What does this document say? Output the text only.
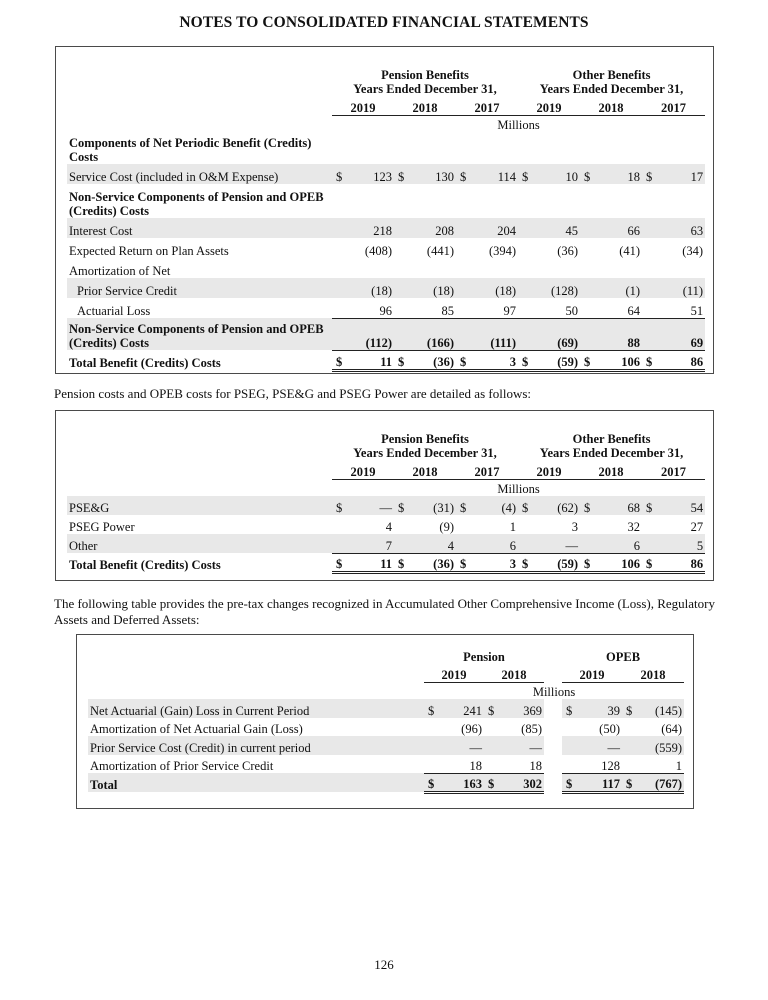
NOTES TO CONSOLIDATED FINANCIAL STATEMENTS
	Pension Benefits						Other Benefits					
	Years Ended December 31,						Years Ended December 31,					
	2019		2018		2017		2019		2018		2017	
	Millions											
Components of Net Periodic Benefit (Credits) Costs												
Service Cost (included in O&M Expense)	$	123	$	130	$	114	$	10	$	18	$	17
Non-Service Components of Pension and OPEB (Credits) Costs												
Interest Cost		218		208		204		45		66		63
Expected Return on Plan Assets		(408)		(441)		(394)		(36)		(41)		(34)
Amortization of Net												
Prior Service Credit		(18)		(18)		(18)		(128)		(1)		(11)
Actuarial Loss		96		85		97		50		64		51
Non-Service Components of Pension and OPEB (Credits) Costs		(112)		(166)		(111)		(69)		88		69
Total Benefit (Credits) Costs	$	11	$	(36)	$	3	$	(59)	$	106	$	86
Pension costs and OPEB costs for PSEG, PSE&G and PSEG Power are detailed as follows:
	Pension Benefits						Other Benefits					
	Years Ended December 31,						Years Ended December 31,					
	2019		2018		2017		2019		2018		2017	
	Millions											
PSE&G	$	—	$	(31)	$	(4)	$	(62)	$	68	$	54
PSEG Power		4		(9)		1		3		32		27
Other		7		4		6		—		6		5
Total Benefit (Credits) Costs	$	11	$	(36)	$	3	$	(59)	$	106	$	86
The following table provides the pre-tax changes recognized in Accumulated Other Comprehensive Income (Loss), Regulatory Assets and Deferred Assets:
	Pension					OPEB			
	2019		2018			2019		2018	
	Millions								
Net Actuarial (Gain) Loss in Current Period	$	241	$	369		$	39	$	(145)
Amortization of Net Actuarial Gain (Loss)		(96)		(85)			(50)		(64)
Prior Service Cost (Credit) in current period		—		—			—		(559)
Amortization of Prior Service Credit		18		18			128		1
Total	$	163	$	302		$	117	$	(767)
126
